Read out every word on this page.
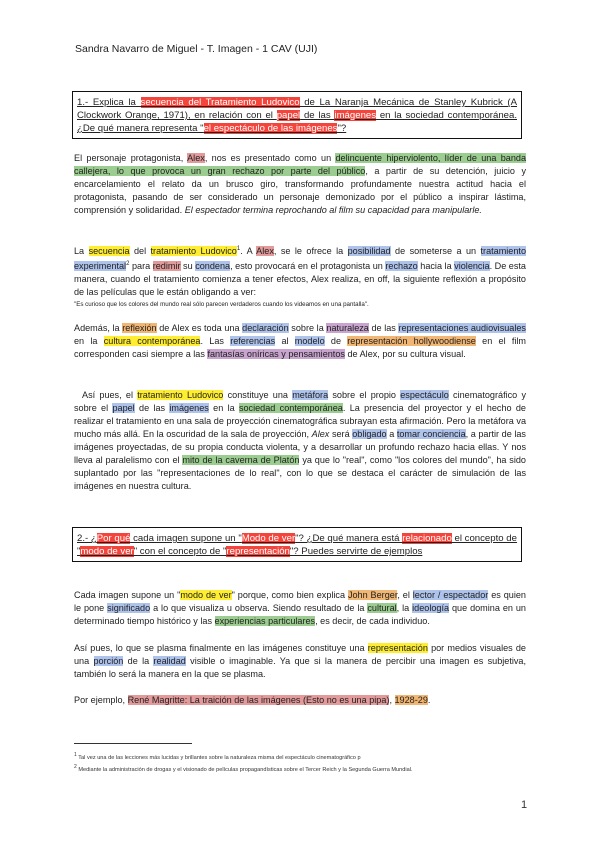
Sandra Navarro de Miguel - T. Imagen - 1 CAV (UJI)
1.- Explica la secuencia del Tratamiento Ludovico de La Naranja Mecánica de Stanley Kubrick (A Clockwork Orange, 1971), en relación con el papel de las imágenes en la sociedad contemporánea. ¿De qué manera representa "el espectáculo de las imágenes"?
El personaje protagonista, Alex, nos es presentado como un delincuente hiperviolento, líder de una banda callejera, lo que provoca un gran rechazo por parte del público, a partir de su detención, juicio y encarcelamiento el relato da un brusco giro, transformando profundamente nuestra actitud hacia el protagonista, pasando de ser considerado un personaje demonizado por el público a inspirar lástima, comprensión y solidaridad. El espectador termina reprochando al film su capacidad para manipularle.
La secuencia del tratamiento Ludovico$^1$. A Alex, se le ofrece la posibilidad de someterse a un tratamiento experimental$^2$ para redimir su condena, esto provocará en el protagonista un rechazo hacia la violencia. De esta manera, cuando el tratamiento comienza a tener efectos, Alex realiza, en off, la siguiente reflexión a propósito de las películas que le están obligando a ver:
"Es curioso que los colores del mundo real sólo parecen verdaderos cuando los videamos en una pantalla".
Además, la reflexión de Alex es toda una declaración sobre la naturaleza de las representaciones audiovisuales en la cultura contemporánea. Las referencias al modelo de representación hollywoodiense en el film corresponden casi siempre a las fantasías oníricas y pensamientos de Alex, por su cultura visual.
Así pues, el tratamiento Ludovico constituye una metáfora sobre el propio espectáculo cinematográfico y sobre el papel de las imágenes en la sociedad contemporánea. La presencia del proyector y el hecho de realizar el tratamiento en una sala de proyección cinematográfica subrayan esta afirmación. Pero la metáfora va mucho más allá. En la oscuridad de la sala de proyección, Alex será obligado a tomar conciencia, a partir de las imágenes proyectadas, de su propia conducta violenta, y a desarrollar un profundo rechazo hacia ellas. Y nos lleva al paralelismo con el mito de la caverna de Platón ya que lo "real", como "los colores del mundo", ha sido suplantado por las "representaciones de lo real", con lo que se destaca el carácter de simulación de las imágenes en nuestra cultura.
2.- ¿Por qué cada imagen supone un "Modo de ver"? ¿De qué manera está relacionado el concepto de "modo de ver" con el concepto de "representación"? Puedes servirte de ejemplos
Cada imagen supone un "modo de ver" porque, como bien explica John Berger, el lector / espectador es quien le pone significado a lo que visualiza u observa. Siendo resultado de la cultural, la ideología que domina en un determinado tiempo histórico y las experiencias particulares, es decir, de cada individuo.
Así pues, lo que se plasma finalmente en las imágenes constituye una representación por medios visuales de una porción de la realidad visible o imaginable. Ya que si la manera de percibir una imagen es subjetiva, también lo será la manera en la que se plasma.
Por ejemplo, René Magritte: La traición de las imágenes (Esto no es una pipa), 1928-29.
$^1$ Tal vez una de las lecciones más lucidas y brillantes sobre la naturaleza misma del espectáculo cinematográfico p
$^2$ Mediante la administración de drogas y el visionado de películas propagandísticas sobre el Tercer Reich y la Segunda Guerra Mundial.
1
